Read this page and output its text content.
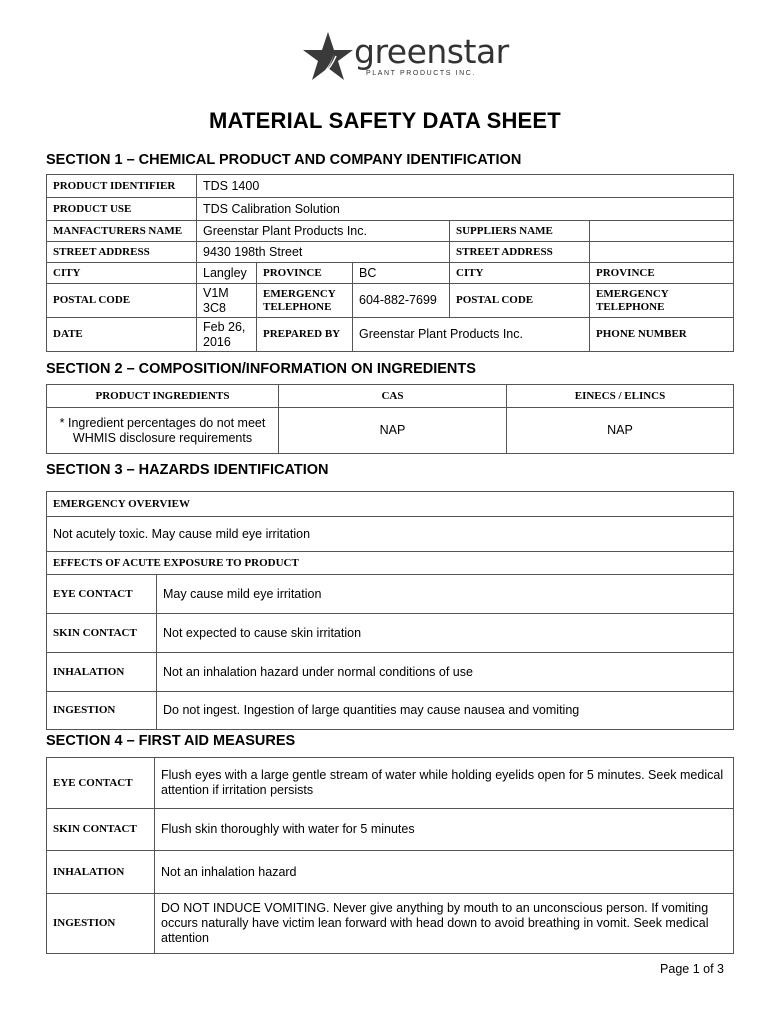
greenstar
PLANT PRODUCTS INC.
MATERIAL SAFETY DATA SHEET
SECTION 1 – CHEMICAL PRODUCT AND COMPANY IDENTIFICATION
PRODUCT IDENTIFIER	TDS 1400				
PRODUCT USE	TDS Calibration Solution				
MANFACTURERS NAME	Greenstar Plant Products Inc.			SUPPLIERS NAME	
STREET ADDRESS	9430 198th Street			STREET ADDRESS	
CITY	Langley	PROVINCE	BC	CITY	PROVINCE
POSTAL CODE	V1M 3C8	EMERGENCY TELEPHONE	604-882-7699	POSTAL CODE	EMERGENCY TELEPHONE
DATE	Feb 26, 2016	PREPARED BY	Greenstar Plant Products Inc.		PHONE NUMBER
SECTION 2 – COMPOSITION/INFORMATION ON INGREDIENTS
PRODUCT INGREDIENTS	CAS	EINECS / ELINCS
* Ingredient percentages do not meet WHMIS disclosure requirements	NAP	NAP
SECTION 3 – HAZARDS IDENTIFICATION
EMERGENCY OVERVIEW	
Not acutely toxic. May cause mild eye irritation	
EFFECTS OF ACUTE EXPOSURE TO PRODUCT	
EYE CONTACT	May cause mild eye irritation
SKIN CONTACT	Not expected to cause skin irritation
INHALATION	Not an inhalation hazard under normal conditions of use
INGESTION	Do not ingest. Ingestion of large quantities may cause nausea and vomiting
SECTION 4 – FIRST AID MEASURES
EYE CONTACT	Flush eyes with a large gentle stream of water while holding eyelids open for 5 minutes. Seek medical attention if irritation persists
SKIN CONTACT	Flush skin thoroughly with water for 5 minutes
INHALATION	Not an inhalation hazard
INGESTION	DO NOT INDUCE VOMITING. Never give anything by mouth to an unconscious person. If vomiting occurs naturally have victim lean forward with head down to avoid breathing in vomit. Seek medical attention
Page 1 of 3
